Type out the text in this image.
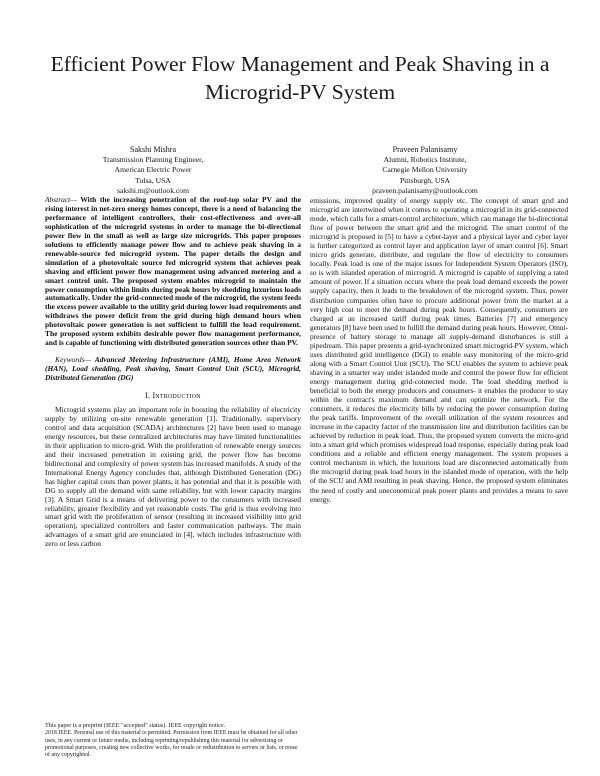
Efficient Power Flow Management and Peak Shaving in a Microgrid-PV System
Sakshi Mishra
Transmission Planning Engineer,
American Electric Power
Tulsa, USA
sakshi.m@outlook.com
Praveen Palanisamy
Alumni, Robotics Institute,
Carnegie Mellon University
Pittsburgh, USA
praveen.palanisamy@outlook.com

Abstract— With the increasing penetration of the roof-top solar PV and the rising interest in net-zero energy homes concept, there is a need of balancing the performance of intelligent controllers, their cost-effectiveness and over-all sophistication of the microgrid systems in order to manage the bi-directional power flow in the small as well as large size microgrids. This paper proposes solutions to efficiently manage power flow and to achieve peak shaving in a renewable-source fed microgrid system. The paper details the design and simulation of a photovoltaic source fed microgrid system that achieves peak shaving and efficient power flow management using advanced metering and a smart control unit. The proposed system enables microgrid to maintain the power consumption within limits during peak hours by shedding luxurious loads automatically. Under the grid-connected mode of the microgrid, the system feeds the excess power available to the utility grid during lower load requirements and withdraws the power deficit from the grid during high demand hours when photovoltaic power generation is not sufficient to fulfill the load requirement. The proposed system exhibits desirable power flow management performance, and is capable of functioning with distributed generation sources other than PV.

Keywords— Advanced Metering Infrastructure (AMI), Home Area Network (HAN), Load shedding, Peak shaving, Smart Control Unit (SCU), Microgrid, Distributed Generation (DG)

I. Introduction

Microgrid systems play an important role in boosting the reliability of electricity supply by utilizing on-site renewable generation [1]. Traditionally, supervisory control and data acquisition (SCADA) architectures [2] have been used to manage energy resources, but these centralized architectures may have limited functionalities in their application to micro-grid. With the proliferation of renewable energy sources and their increased penetration in existing grid, the power flow has become bidirectional and complexity of power system has increased manifolds. A study of the International Energy Agency concludes that, although Distributed Generation (DG) has higher capital costs than power plants, it has potential and that it is possible with DG to supply all the demand with same reliability, but with lower capacity margins [3]. A Smart Grid is a means of delivering power to the consumers with increased reliability, greater flexibility and yet reasonable costs. The grid is thus evolving into smart grid with the proliferation of sensor (resulting in increased visibility into grid operation), specialized controllers and faster communication pathways. The main advantages of a smart grid are enunciated in [4], which includes infrastructure with zero or less carbon

emissions, improved quality of energy supply etc. The concept of smart grid and microgrid are intertwined when it comes to operating a microgrid in its grid-connected mode, which calls for a smart-control architecture, which can manage the bi-directional flow of power between the smart grid and the microgrid. The smart control of the microgrid is proposed in [5] to have a cyber-layer and a physical layer and cyber layer is further categorized as control layer and application layer of smart control [6]. Smart micro grids generate, distribute, and regulate the flow of electricity to consumers locally. Peak load is one of the major issues for Independent System Operators (ISO), so is with islanded operation of microgrid. A microgrid is capable of supplying a rated amount of power. If a situation occurs where the peak load demand exceeds the power supply capacity, then it leads to the breakdown of the microgrid system. Thus, power distribution companies often have to procure additional power from the market at a very high cost to meet the demand during peak hours. Consequently, consumers are charged at an increased tariff during peak times. Batteries [7] and emergency generators [8] have been used to fulfill the demand during peak hours. However, Omni-presence of battery storage to manage all supply-demand disturbances is still a pipedream. This paper presents a grid-synchronized smart microgrid-PV system, which uses distributed grid intelligence (DGI) to enable easy monitoring of the micro-grid along with a Smart Control Unit (SCU). The SCU enables the system to achieve peak shaving in a smarter way under islanded mode and control the power flow for efficient energy management during grid-connected mode. The load shedding method is beneficial to both the energy producers and consumers- it enables the producer to stay within the contract's maximum demand and can optimize the network. For the consumers, it reduces the electricity bills by reducing the power consumption during the peak tariffs. Improvement of the overall utilization of the system resources and increase in the capacity factor of the transmission line and distribution facilities can be achieved by reduction in peak load. Thus, the proposed system converts the micro-grid into a smart grid which promises widespread load response, especially during peak load conditions and a reliable and efficient energy management. The system proposes a control mechanism in which, the luxurious load are disconnected automatically from the microgrid during peak load hours in the islanded mode of operation, with the help of the SCU and AMI resulting in peak shaving. Hence, the proposed system eliminates the need of costly and uneconomical peak power plants and provides a means to save energy.

This paper is a preprint (IEEE "accepted" status). IEEE copyright notice.

2018 IEEE. Personal use of this material is permitted. Permission from IEEE must be obtained for all other uses, in any current or future media, including reprinting/republishing this material for advertising or promotional purposes, creating new collective works, for resale or redistribution to servers or lists, or reuse of any copyrighted.
